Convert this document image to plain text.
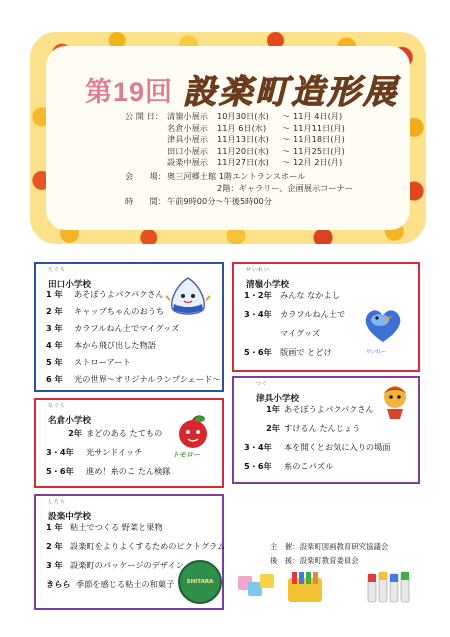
第19回 設楽町造形展
公 開 日： 清嶺小展示	10月30日(水)	～ 11月 4日(月)
名倉小展示	11月 6日(水)	～ 11月11日(月)
津具小展示	11月13日(水)	～ 11月18日(月)
田口小展示	11月20日(水)	～ 11月25日(月)
設楽中展示	11月27日(水)	～ 12月 2日(月)
会　　場： 奥三河郷土館 1階エントランスホール
2階：ギャラリー、企画展示コーナー
時　　間： 午前9時00分～午後5時00分
たぐち
田口小学校
1 年	あそぼうよパクパクさん
2 年	キャップちゃんのおうち
3 年	カラフルねん土でマイグッズ
4 年	本から飛び出した物語
5 年	ストローアート
6 年	光の世界～オリジナルランプシェード～
せいれい
清嶺小学校
1・2年	みんな なかよし
3・4年	カラフルねん土で
マイグッズ
5・6年	版画で とどけ	せいれー
なぐら
名倉小学校
2年 まどのある たてもの
3・4年	光サンドイッチ
5・6年	進め！糸のこ たん検隊
トモロー
つぐ
津具小学校
1年 あそぼうよパクパクさん
2年 すけるん たんじょう
3・4年	本を開くとお気に入りの場面
5・6年	糸のこパズル
したら
設楽中学校
1 年 粘土でつくる 野菜と果物
2 年 設楽町をよりよくするためのピクトグラム
3 年 設楽町のパッケージのデザイン
きらら 季節を感じる粘土の和菓子 SHITARA
主　催：設楽町図画教育研究協議会
後　援：設楽町教育委員会
